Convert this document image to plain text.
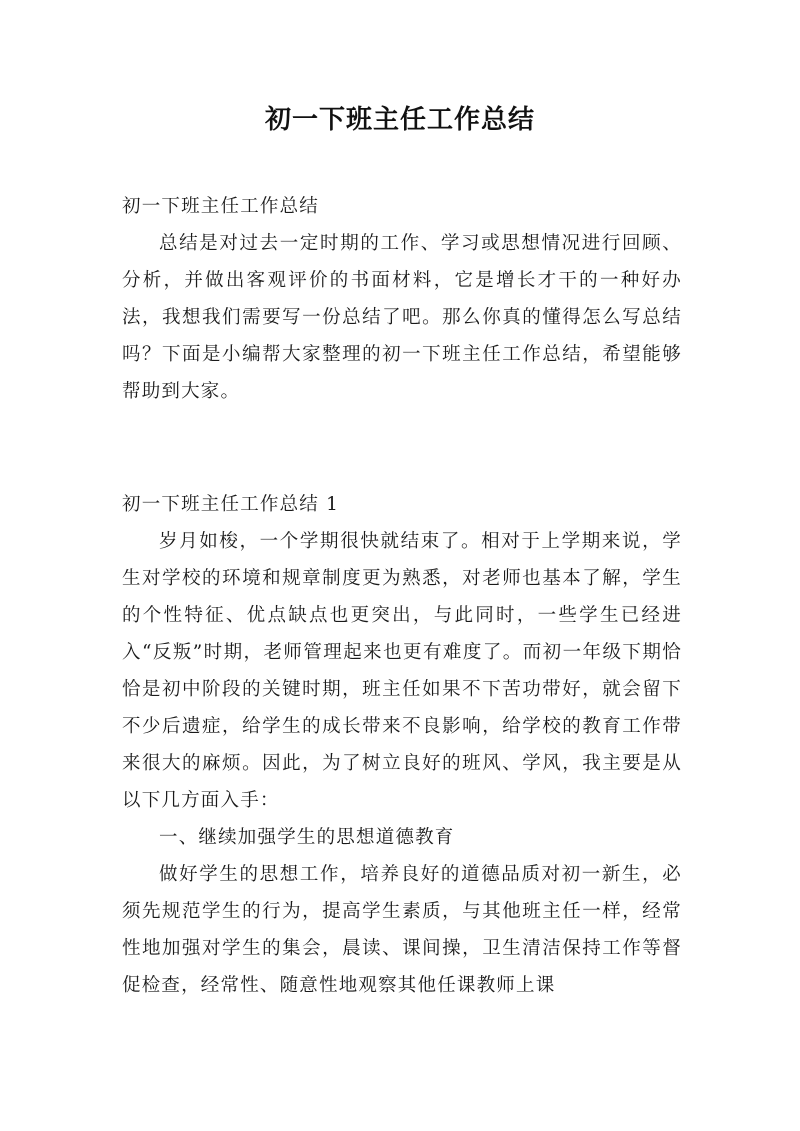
初一下班主任工作总结
初一下班主任工作总结

总结是对过去一定时期的工作、学习或思想情况进行回顾、分析，并做出客观评价的书面材料，它是增长才干的一种好办法，我想我们需要写一份总结了吧。那么你真的懂得怎么写总结吗？下面是小编帮大家整理的初一下班主任工作总结，希望能够帮助到大家。

初一下班主任工作总结 1

岁月如梭，一个学期很快就结束了。相对于上学期来说，学生对学校的环境和规章制度更为熟悉，对老师也基本了解，学生的个性特征、优点缺点也更突出，与此同时，一些学生已经进入“反叛”时期，老师管理起来也更有难度了。而初一年级下期恰恰是初中阶段的关键时期，班主任如果不下苦功带好，就会留下不少后遗症，给学生的成长带来不良影响，给学校的教育工作带来很大的麻烦。因此，为了树立良好的班风、学风，我主要是从以下几方面入手：

一、继续加强学生的思想道德教育

做好学生的思想工作，培养良好的道德品质对初一新生，必须先规范学生的行为，提高学生素质，与其他班主任一样，经常性地加强对学生的集会，晨读、课间操，卫生清洁保持工作等督促检查，经常性、随意性地观察其他任课教师上课
